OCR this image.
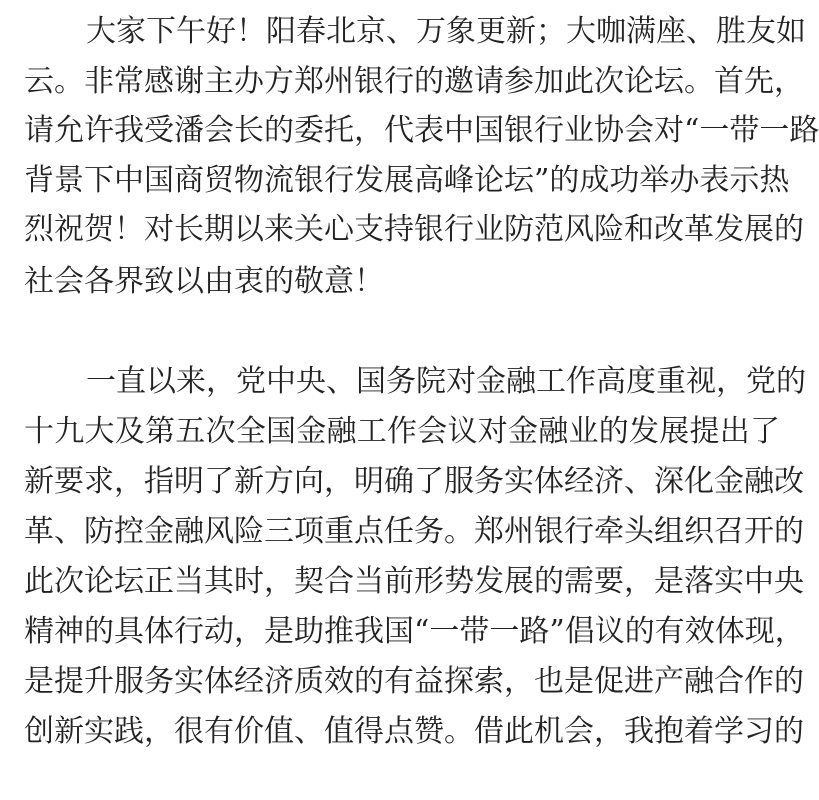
大 家 下 午 好 ！ 阳 春 北 京 、 万 象 更 新 ； 大 咖 满 座 、 胜 友 如
云 。 非 常 感 谢 主 办 方 郑 州 银 行 的 邀 请 参 加 此 次 论 坛 。 首 先 ，
请 允 许 我 受 潘 会 长 的 委 托 ， 代 表 中 国 银 行 业 协 会 对 “ 一 带 一 路
背 景 下 中 国 商 贸 物 流 银 行 发 展 高 峰 论 坛 ” 的 成 功 举 办 表 示 热
烈 祝 贺 ！ 对 长 期 以 来 关 心 支 持 银 行 业 防 范 风 险 和 改 革 发 展 的
社会各界致以由衷的敬意！
一 直 以 来 ， 党 中 央 、 国 务 院 对 金 融 工 作 高 度 重 视 ， 党 的
十 九 大 及 第 五 次 全 国 金 融 工 作 会 议 对 金 融 业 的 发 展 提 出 了
新 要 求 ， 指 明 了 新 方 向 ， 明 确 了 服 务 实 体 经 济 、 深 化 金 融 改
革 、 防 控 金 融 风 险 三 项 重 点 任 务 。 郑 州 银 行 牵 头 组 织 召 开 的
此 次 论 坛 正 当 其 时 ， 契 合 当 前 形 势 发 展 的 需 要 ， 是 落 实 中 央
精 神 的 具 体 行 动 ， 是 助 推 我 国 “ 一 带 一 路 ” 倡 议 的 有 效 体 现 ，
是 提 升 服 务 实 体 经 济 质 效 的 有 益 探 索 ， 也 是 促 进 产 融 合 作 的
创 新 实 践 ， 很 有 价 值 、 值 得 点 赞 。 借 此 机 会 ， 我 抱 着 学 习 的
